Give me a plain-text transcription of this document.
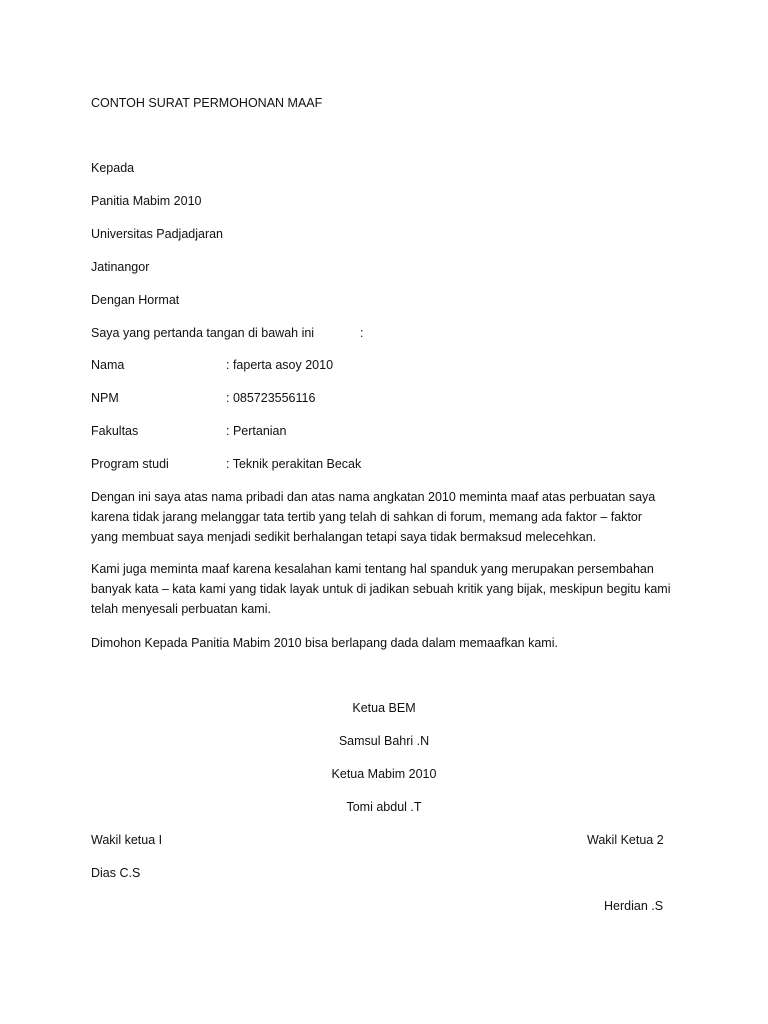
CONTOH SURAT PERMOHONAN MAAF
Kepada
Panitia Mabim 2010
Universitas Padjadjaran
Jatinangor
Dengan Hormat
Saya yang pertanda tangan di bawah ini	:
Nama	: faperta asoy 2010
NPM	: 085723556116
Fakultas	: Pertanian
Program studi	: Teknik perakitan Becak
Dengan ini saya atas nama pribadi dan atas nama angkatan 2010 meminta maaf atas perbuatan saya
karena tidak jarang melanggar tata tertib yang telah di sahkan di forum, memang ada faktor – faktor
yang membuat saya menjadi sedikit berhalangan tetapi saya tidak bermaksud melecehkan.
Kami juga meminta maaf karena kesalahan kami tentang hal spanduk yang merupakan persembahan
banyak kata – kata kami yang tidak layak untuk di jadikan sebuah kritik yang bijak, meskipun begitu kami
telah menyesali perbuatan kami.
Dimohon Kepada Panitia Mabim 2010 bisa berlapang dada dalam memaafkan kami.
Ketua BEM
Samsul Bahri .N
Ketua Mabim 2010
Tomi abdul .T
Wakil ketua I	Wakil Ketua 2
Dias C.S
Herdian .S
